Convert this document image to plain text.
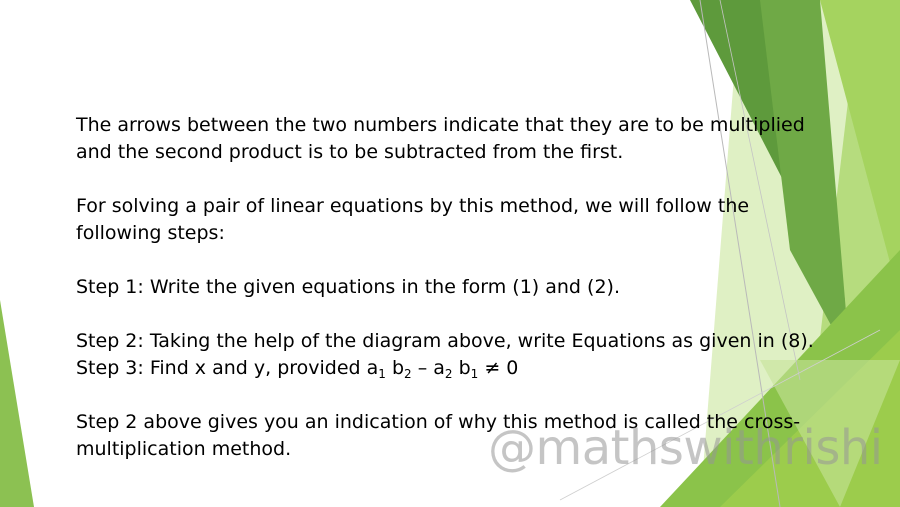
The arrows between the two numbers indicate that they are to be multiplied and the second product is to be subtracted from the first.

For solving a pair of linear equations by this method, we will follow the following steps:

Step 1: Write the given equations in the form (1) and (2).

Step 2: Taking the help of the diagram above, write Equations as given in (8).

Step 3: Find x and y, provided $a_1$ $b_2 - a_2$ $b_1 \ne 0$

Step 2 above gives you an indication of why this method is called the cross-multiplication method.	@mathswithrishi
